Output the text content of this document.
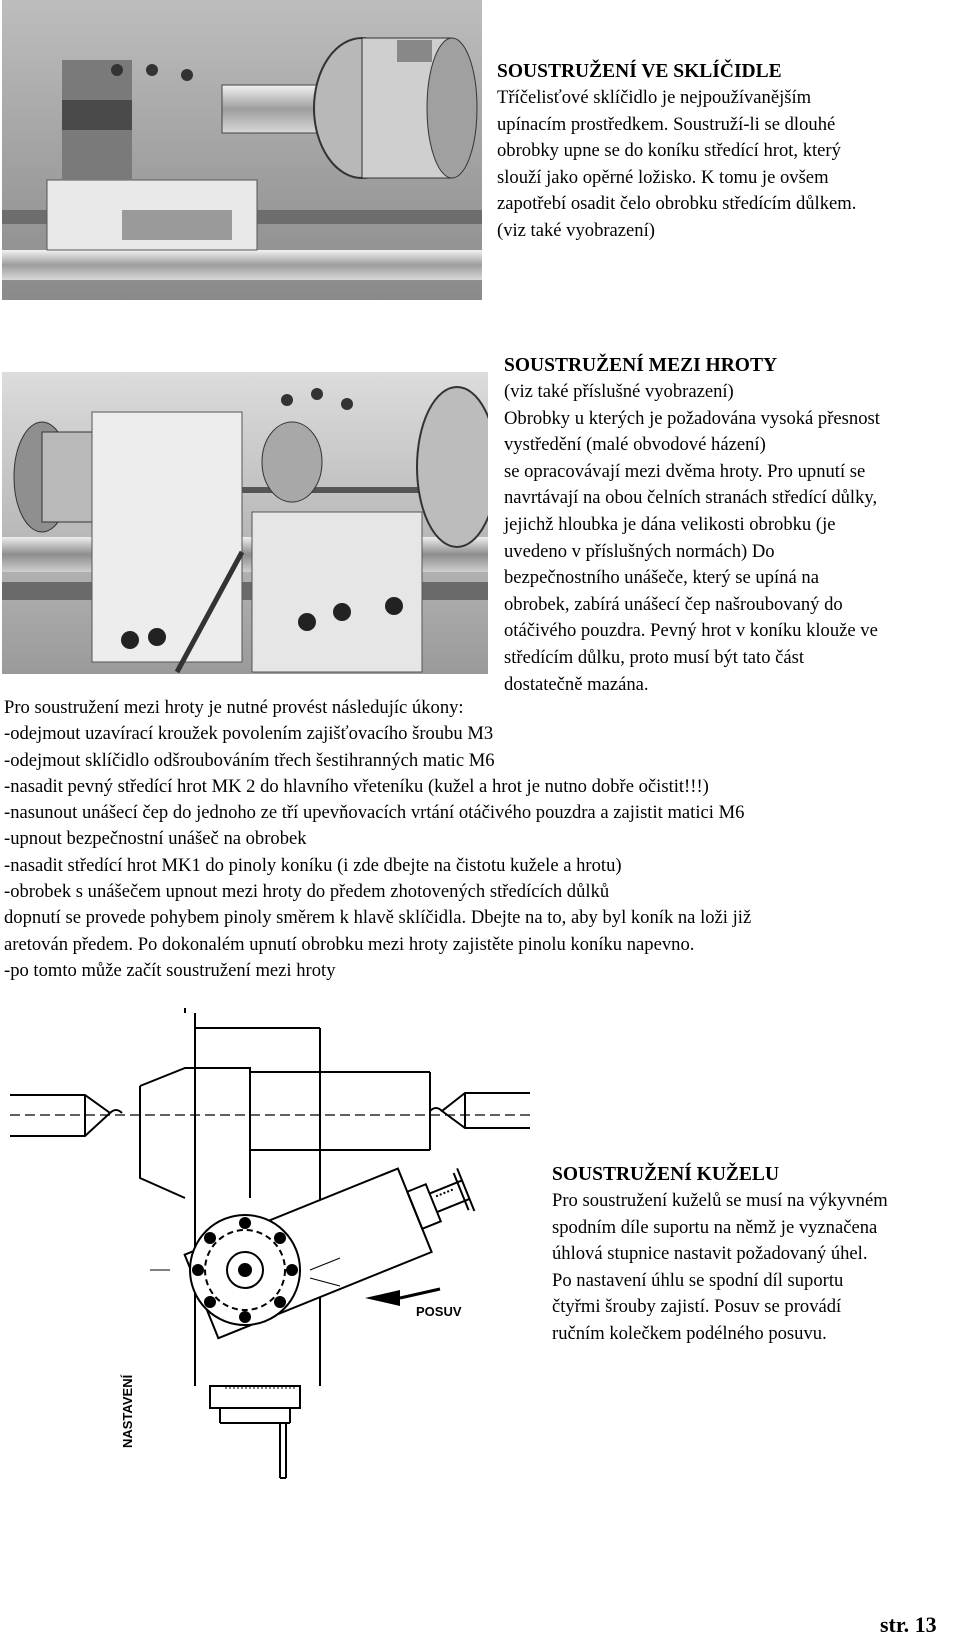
SOUSTRUŽENÍ VE SKLÍČIDLE
Tříčelisťové sklíčidlo je nejpoužívanějším
upínacím prostředkem. Soustruží-li se dlouhé
obrobky upne se do koníku středící hrot, který
slouží jako opěrné ložisko. K tomu je ovšem
zapotřebí osadit čelo obrobku středícím důlkem.
(viz také vyobrazení)
SOUSTRUŽENÍ MEZI HROTY
(viz také příslušné vyobrazení)
Obrobky u kterých je požadována vysoká přesnost
vystředění (malé obvodové házení)
se opracovávají mezi dvěma hroty. Pro upnutí se
navrtávají na obou čelních stranách středící důlky,
jejichž hloubka je dána velikosti obrobku (je
uvedeno v příslušných normách) Do
bezpečnostního unášeče, který se upíná na
obrobek, zabírá unášecí čep našroubovaný do
otáčivého pouzdra. Pevný hrot v koníku klouže ve
středícím důlku, proto musí být tato část
dostatečně mazána.
Pro soustružení mezi hroty je nutné provést následujíc úkony:
-odejmout uzavírací kroužek povolením zajišťovacího šroubu M3
-odejmout sklíčidlo odšroubováním třech šestihranných matic M6
-nasadit pevný středící hrot MK 2 do hlavního vřeteníku (kužel a hrot je nutno dobře očistit!!!)
-nasunout unášecí čep do jednoho ze tří upevňovacích vrtání otáčivého pouzdra a zajistit matici M6
-upnout bezpečnostní unášeč na obrobek
-nasadit středící hrot MK1 do pinoly koníku (i zde dbejte na čistotu kužele a hrotu)
-obrobek s unášečem upnout mezi hroty do předem zhotovených středících důlků
dopnutí se provede pohybem pinoly směrem k hlavě sklíčidla. Dbejte na to, aby byl koník na loži již
aretován předem. Po dokonalém upnutí obrobku mezi hroty zajistěte pinolu koníku napevno.
-po tomto může začít soustružení mezi hroty
POSUV
NASTAVENÍ
SOUSTRUŽENÍ KUŽELU
Pro soustružení kuželů se musí na výkyvném
spodním díle suportu na němž je vyznačena
úhlová stupnice nastavit požadovaný úhel.
Po nastavení úhlu se spodní díl suportu
čtyřmi šrouby zajistí. Posuv se provádí
ručním kolečkem podélného posuvu.
str. 13
